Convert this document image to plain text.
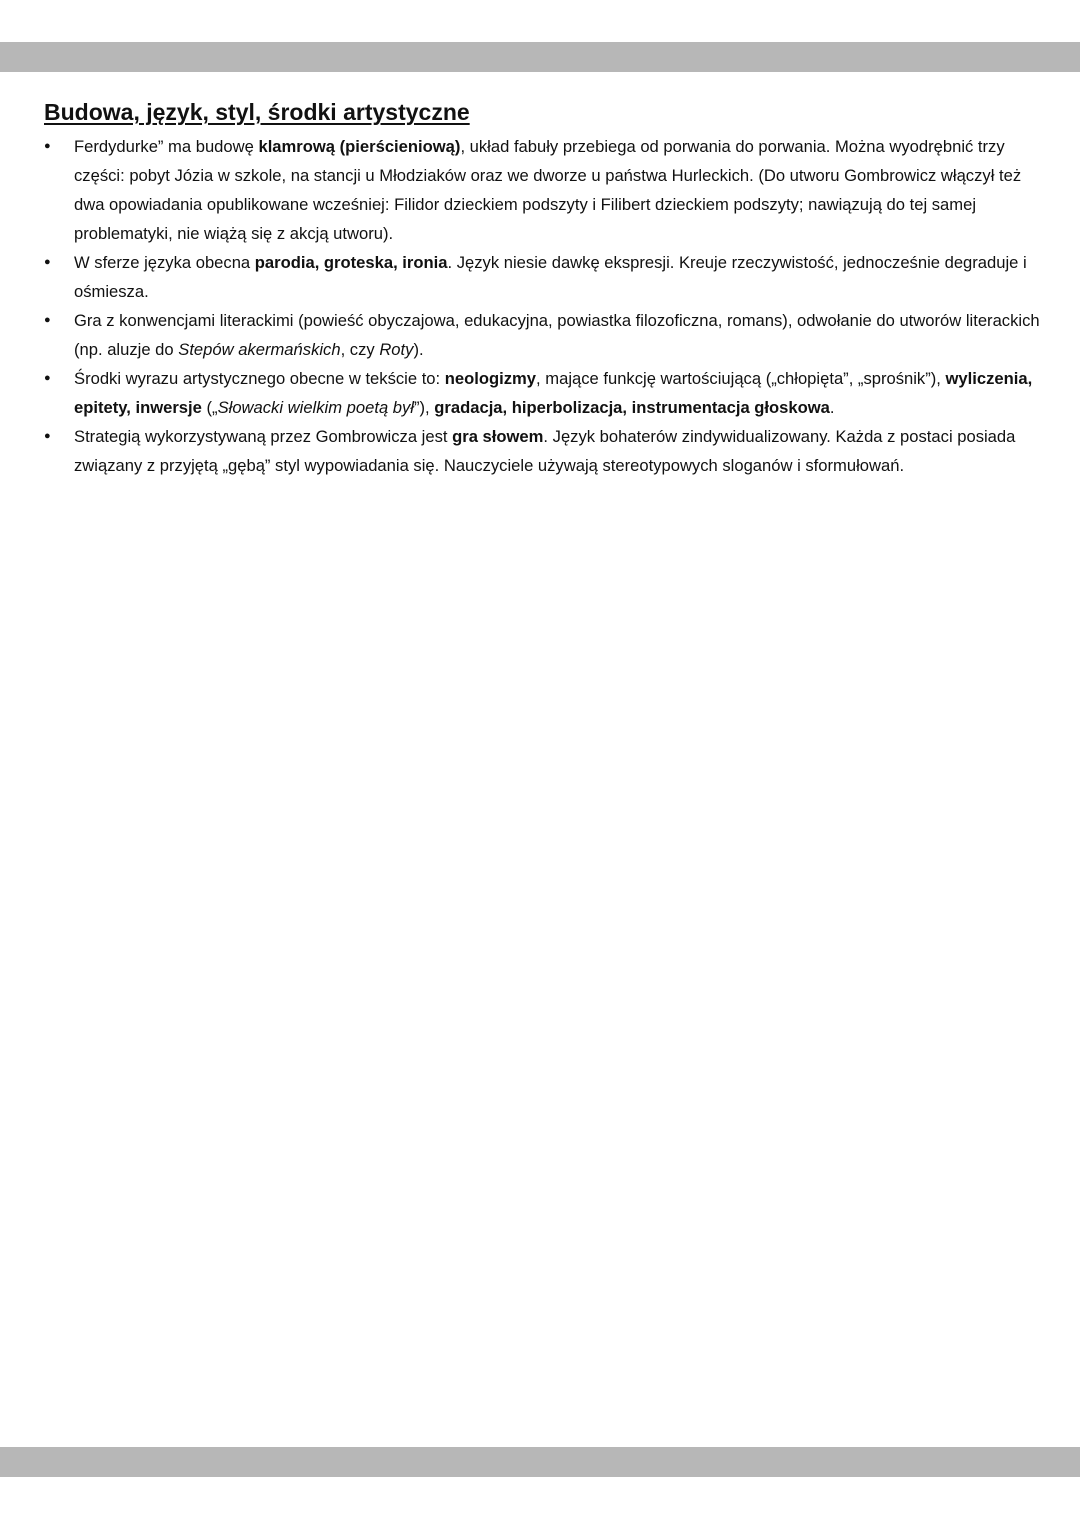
Budowa, język, styl, środki artystyczne
● Ferdydurke” ma budowę klamrową (pierścieniową), układ fabuły przebiega od porwania do porwania. Można wyodrębnić trzy części: pobyt Józia w szkole, na stancji u Młodziaków oraz we dworze u państwa Hurleckich. (Do utworu Gombrowicz włączył też dwa opowiadania opublikowane wcześniej: Filidor dzieckiem podszyty i Filibert dzieckiem podszyty; nawiązują do tej samej problematyki, nie wiążą się z akcją utworu).
● W sferze języka obecna parodia, groteska, ironia. Język niesie dawkę ekspresji. Kreuje rzeczywistość, jednocześnie degraduje i ośmiesza.
● Gra z konwencjami literackimi (powieść obyczajowa, edukacyjna, powiastka filozoficzna, romans), odwołanie do utworów literackich (np. aluzje do Stepów akermańskich, czy Roty).
● Środki wyrazu artystycznego obecne w tekście to: neologizmy, mające funkcję wartościującą („chłopięta”, „sprośnik”), wyliczenia, epitety, inwersje („Słowacki wielkim poetą był”), gradacja, hiperbolizacja, instrumentacja głoskowa.
● Strategią wykorzystywaną przez Gombrowicza jest gra słowem. Język bohaterów zindywidualizowany. Każda z postaci posiada związany z przyjętą „gębą” styl wypowiadania się. Nauczyciele używają stereotypowych sloganów i sformułowań.
